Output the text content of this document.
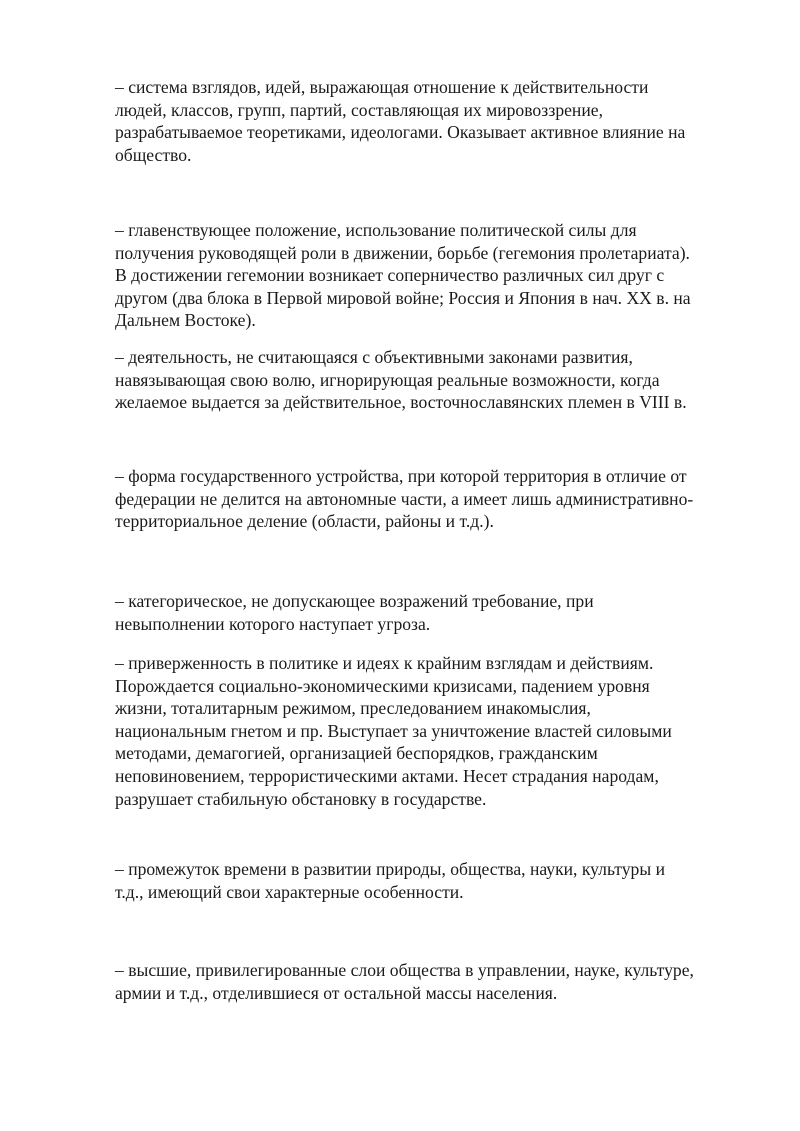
– система взглядов, идей, выражающая отношение к действительности
людей, классов, групп, партий, составляющая их мировоззрение,
разрабатываемое теоретиками, идеологами. Оказывает активное влияние на
общество.

– главенствующее положение, использование политической силы для
получения руководящей роли в движении, борьбе (гегемония пролетариата).
В достижении гегемонии возникает соперничество различных сил друг с
другом (два блока в Первой мировой войне; Россия и Япония в нач. XX в. на
Дальнем Востоке).

– деятельность, не считающаяся с объективными законами развития,
навязывающая свою волю, игнорирующая реальные возможности, когда
желаемое выдается за действительное, восточнославянских племен в VIII в.

– форма государственного устройства, при которой территория в отличие от
федерации не делится на автономные части, а имеет лишь административно-
территориальное деление (области, районы и т.д.).

– категорическое, не допускающее возражений требование, при
невыполнении которого наступает угроза.

– приверженность в политике и идеях к крайним взглядам и действиям.
Порождается социально-экономическими кризисами, падением уровня
жизни, тоталитарным режимом, преследованием инакомыслия,
национальным гнетом и пр. Выступает за уничтожение властей силовыми
методами, демагогией, организацией беспорядков, гражданским
неповиновением, террористическими актами. Несет страдания народам,
разрушает стабильную обстановку в государстве.

– промежуток времени в развитии природы, общества, науки, культуры и
т.д., имеющий свои характерные особенности.

– высшие, привилегированные слои общества в управлении, науке, культуре,
армии и т.д., отделившиеся от остальной массы населения.
